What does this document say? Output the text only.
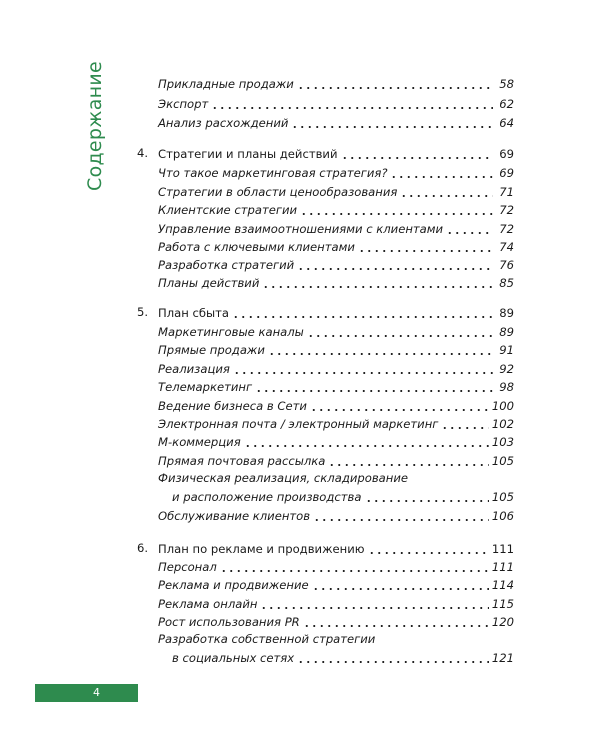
Содержание	Прикладные продажи	58
Экспорт	62
Анализ расхождений	64
4. Стратегии и планы действий	69
Что такое маркетинговая стратегия?	69
Стратегии в области ценообразования	71
Клиентские стратегии	72
Управление взаимоотношениями с клиентами	72
Работа с ключевыми клиентами	74
Разработка стратегий	76
Планы действий	85
5. План сбыта	89
Маркетинговые каналы	89
Прямые продажи	91
Реализация	92
Телемаркетинг	98
Ведение бизнеса в Сети	100
Электронная почта / электронный маркетинг	102
М-коммерция	103
Прямая почтовая рассылка	105
Физическая реализация, складирование
и расположение производства	105
Обслуживание клиентов	106
6. План по рекламе и продвижению	111
Персонал	111
Реклама и продвижение	114
Реклама онлайн	115
Рост использования PR	120
Разработка собственной стратегии
в социальных сетях	121
4
